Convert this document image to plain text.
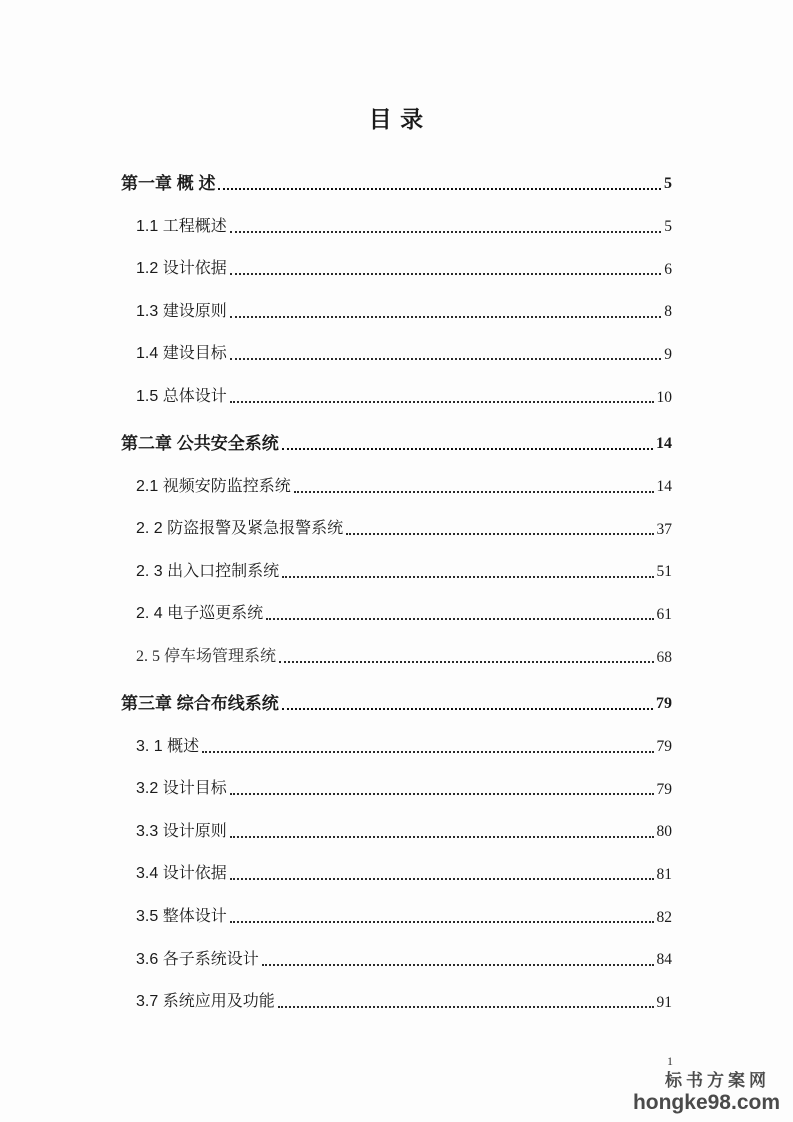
目 录
第一章 概 述	5
1.1 工程概述	5
1.2 设计依据	6
1.3 建设原则	8
1.4 建设目标	9
1.5 总体设计	10
第二章 公共安全系统	14
2.1 视频安防监控系统	14
2. 2 防盗报警及紧急报警系统	37
2. 3 出入口控制系统	51
2. 4 电子巡更系统	61
2. 5 停车场管理系统	68
第三章 综合布线系统	79
3. 1 概述	79
3.2 设计目标	79
3.3 设计原则	80
3.4 设计依据	81
3.5 整体设计	82
3.6 各子系统设计	84
3.7 系统应用及功能	91
1
标书方案网
hongke98.com
